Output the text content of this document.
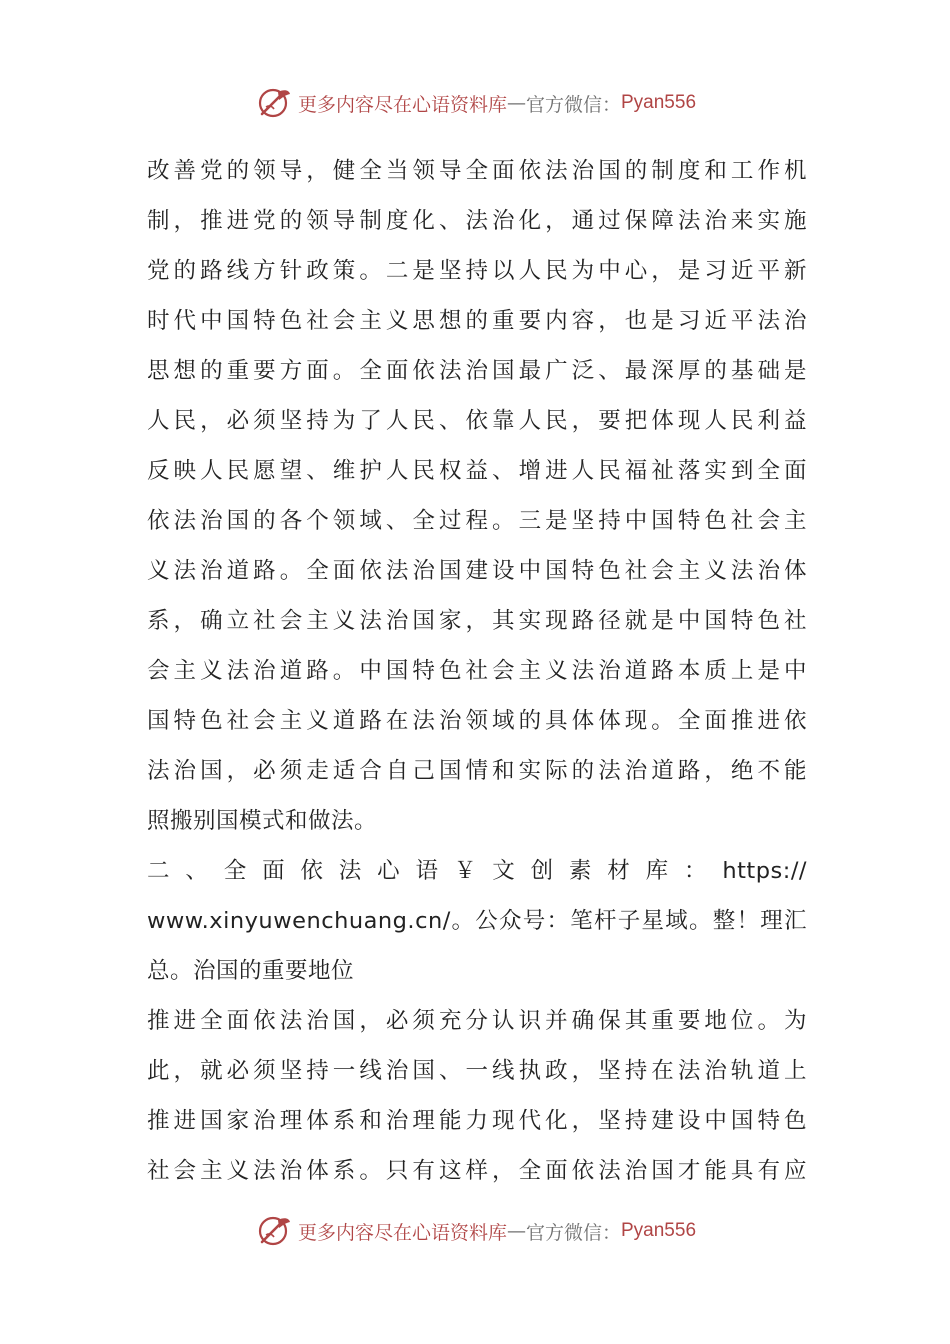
更多内容尽在心语资料库 — 官方微信： Pyan556
改善党的领导，健全当领导全面依法治国的制度和工作机
制，推进党的领导制度化、法治化，通过保障法治来实施
党的路线方针政策。二是坚持以人民为中心，是习近平新
时代中国特色社会主义思想的重要内容，也是习近平法治
思想的重要方面。全面依法治国最广泛、最深厚的基础是
人民，必须坚持为了人民、依靠人民，要把体现人民利益
反映人民愿望、维护人民权益、增进人民福祉落实到全面
依法治国的各个领域、全过程。三是坚持中国特色社会主
义法治道路。全面依法治国建设中国特色社会主义法治体
系，确立社会主义法治国家，其实现路径就是中国特色社
会主义法治道路。中国特色社会主义法治道路本质上是中
国特色社会主义道路在法治领域的具体体现。全面推进依
法治国，必须走适合自己国情和实际的法治道路，绝不能
照搬别国模式和做法。
二 、 全 面 依 法 心 语 ￥ 文 创 素 材 库 ： https://
www.xinyuwenchuang.cn/。公众号：笔杆子星域。整！理汇
总。治国的重要地位
推进全面依法治国，必须充分认识并确保其重要地位。为
此，就必须坚持一线治国、一线执政，坚持在法治轨道上
推进国家治理体系和治理能力现代化，坚持建设中国特色
社会主义法治体系。只有这样，全面依法治国才能具有应
更多内容尽在心语资料库 — 官方微信： Pyan556
